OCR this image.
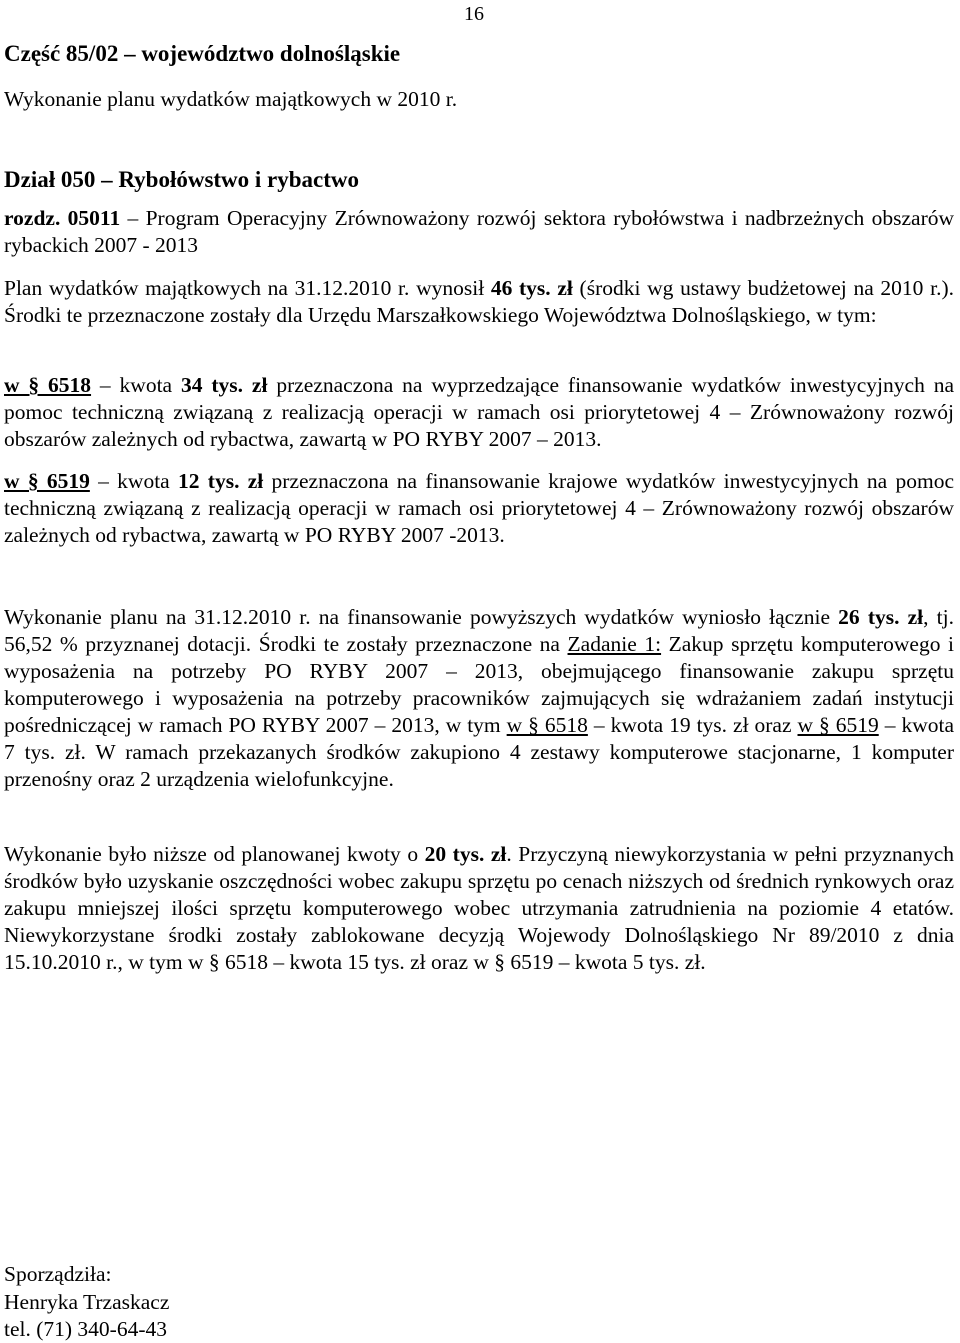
16
Część 85/02 – województwo dolnośląskie
Wykonanie planu wydatków majątkowych w 2010 r.
Dział 050 – Rybołówstwo i rybactwo
rozdz. 05011 – Program Operacyjny Zrównoważony rozwój sektora rybołówstwa i nadbrzeżnych obszarów rybackich 2007 - 2013
Plan wydatków majątkowych na 31.12.2010 r. wynosił 46 tys. zł (środki wg ustawy budżetowej na 2010 r.). Środki te przeznaczone zostały dla Urzędu Marszałkowskiego Województwa Dolnośląskiego, w tym:
w § 6518 – kwota 34 tys. zł przeznaczona na wyprzedzające finansowanie wydatków inwestycyjnych na pomoc techniczną związaną z realizacją operacji w ramach osi priorytetowej 4 – Zrównoważony rozwój obszarów zależnych od rybactwa, zawartą w PO RYBY 2007 – 2013.
w § 6519 – kwota 12 tys. zł przeznaczona na finansowanie krajowe wydatków inwestycyjnych na pomoc techniczną związaną z realizacją operacji w ramach osi priorytetowej 4 – Zrównoważony rozwój obszarów zależnych od rybactwa, zawartą w PO RYBY 2007 -2013.
Wykonanie planu na 31.12.2010 r. na finansowanie powyższych wydatków wyniosło łącznie 26 tys. zł, tj. 56,52 % przyznanej dotacji. Środki te zostały przeznaczone na Zadanie 1: Zakup sprzętu komputerowego i wyposażenia na potrzeby PO RYBY 2007 – 2013, obejmującego finansowanie zakupu sprzętu komputerowego i wyposażenia na potrzeby pracowników zajmujących się wdrażaniem zadań instytucji pośredniczącej w ramach PO RYBY 2007 – 2013, w tym w § 6518 – kwota 19 tys. zł oraz w § 6519 – kwota 7 tys. zł. W ramach przekazanych środków zakupiono 4 zestawy komputerowe stacjonarne, 1 komputer przenośny oraz 2 urządzenia wielofunkcyjne.
Wykonanie było niższe od planowanej kwoty o 20 tys. zł. Przyczyną niewykorzystania w pełni przyznanych środków było uzyskanie oszczędności wobec zakupu sprzętu po cenach niższych od średnich rynkowych oraz zakupu mniejszej ilości sprzętu komputerowego wobec utrzymania zatrudnienia na poziomie 4 etatów. Niewykorzystane środki zostały zablokowane decyzją Wojewody Dolnośląskiego Nr 89/2010 z dnia 15.10.2010 r., w tym w § 6518 – kwota 15 tys. zł oraz w § 6519 – kwota 5 tys. zł.
Sporządziła:
Henryka Trzaskacz
tel. (71) 340-64-43
